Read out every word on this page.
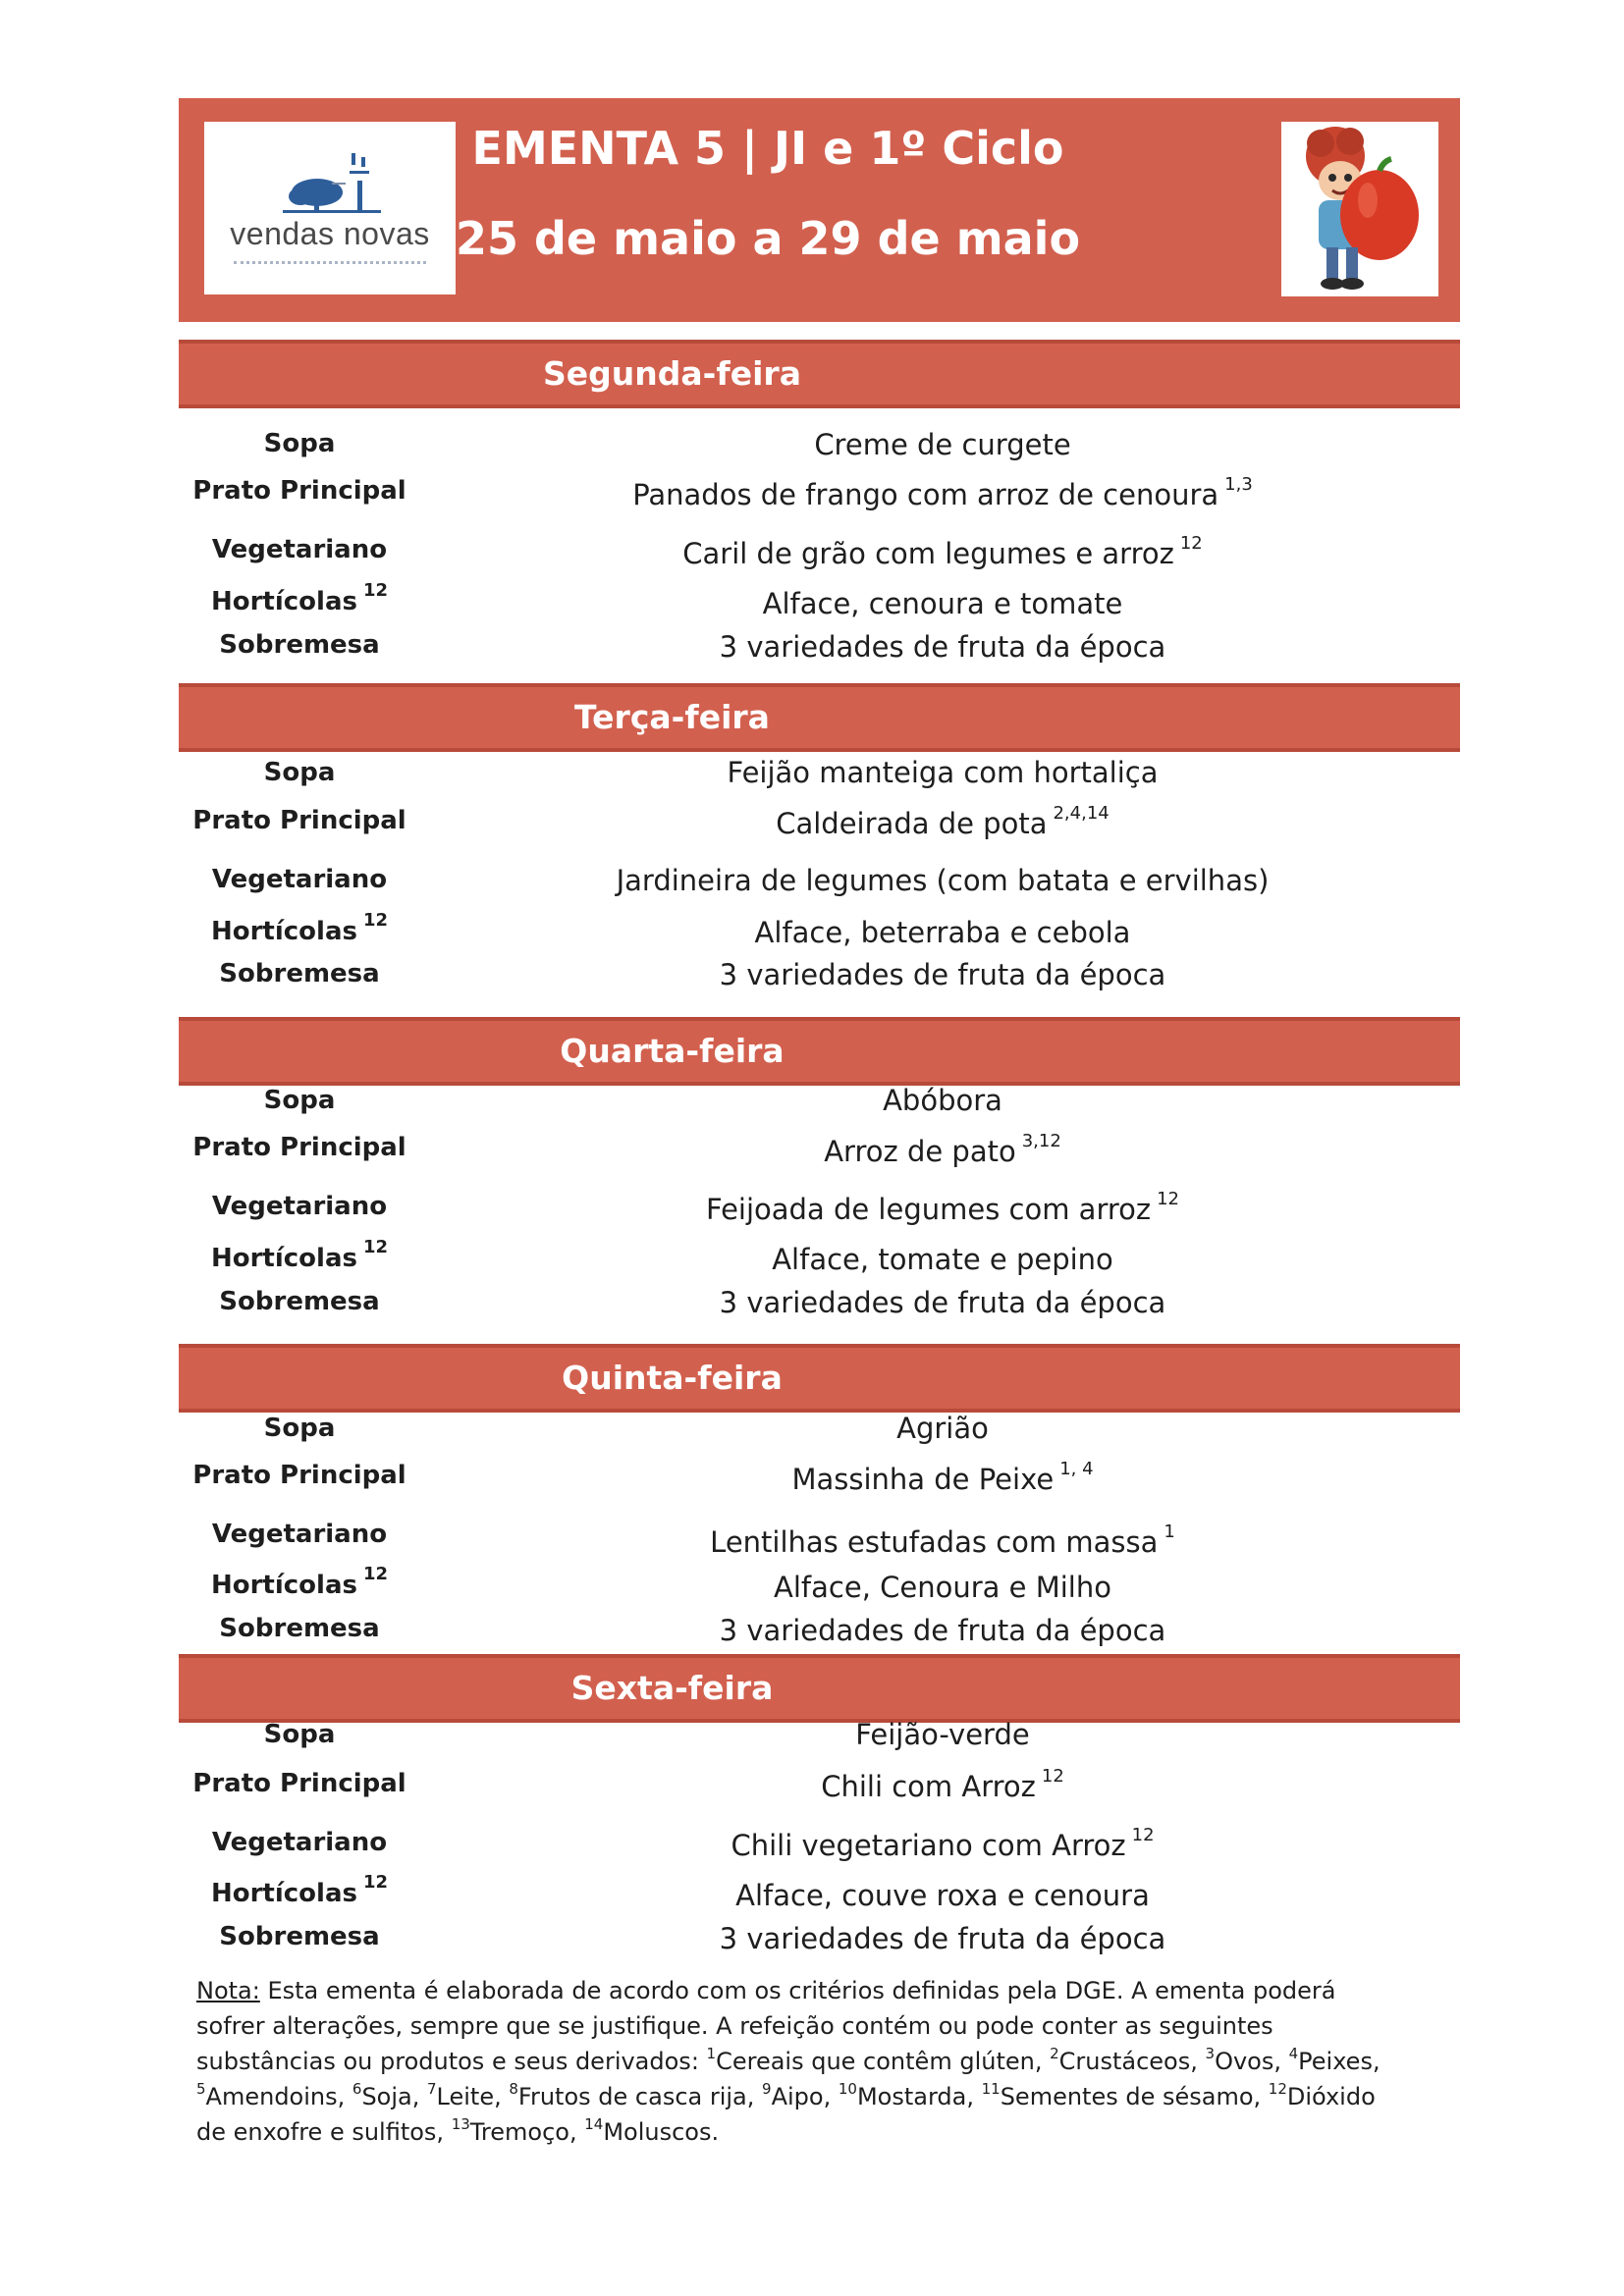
vendas novas
EMENTA 5 | JI e 1º Ciclo
25 de maio a 29 de maio
Segunda-feira
Sopa	Creme de curgete
Prato Principal	Panados de frango com arroz de cenoura $^{1,3}$
Vegetariano	Caril de grão com legumes e arroz $^{12}$
Hortícolas $^{12}$	Alface, cenoura e tomate
Sobremesa	3 variedades de fruta da época
Terça-feira
Sopa	Feijão manteiga com hortaliça
Prato Principal	Caldeirada de pota $^{2,4,14}$
Vegetariano	Jardineira de legumes (com batata e ervilhas)
Hortícolas $^{12}$	Alface, beterraba e cebola
Sobremesa	3 variedades de fruta da época
Quarta-feira
Sopa	Abóbora
Prato Principal	Arroz de pato $^{3,12}$
Vegetariano	Feijoada de legumes com arroz $^{12}$
Hortícolas $^{12}$	Alface, tomate e pepino
Sobremesa	3 variedades de fruta da época
Quinta-feira
Sopa	Agrião
Prato Principal	Massinha de Peixe $^{1, 4}$
Vegetariano	Lentilhas estufadas com massa $^1$
Hortícolas $^{12}$	Alface, Cenoura e Milho
Sobremesa	3 variedades de fruta da época
Sexta-feira
Sopa	Feijão-verde
Prato Principal	Chili com Arroz $^{12}$
Vegetariano	Chili vegetariano com Arroz $^{12}$
Hortícolas $^{12}$	Alface, couve roxa e cenoura
Sobremesa	3 variedades de fruta da época
Nota: Esta ementa é elaborada de acordo com os critérios definidas pela DGE. A ementa poderá sofrer alterações, sempre que se justifique. A refeição contém ou pode conter as seguintes substâncias ou produtos e seus derivados: $^1$Cereais que contêm glúten, $^2$Crustáceos, $^3$Ovos, $^4$Peixes, $^5$Amendoins, $^6$Soja, $^7$Leite, $^8$Frutos de casca rija, $^9$Aipo, $^{10}$Mostarda, $^{11}$Sementes de sésamo, $^{12}$Dióxido de enxofre e sulfitos, $^{13}$Tremoço, $^{14}$Moluscos.
